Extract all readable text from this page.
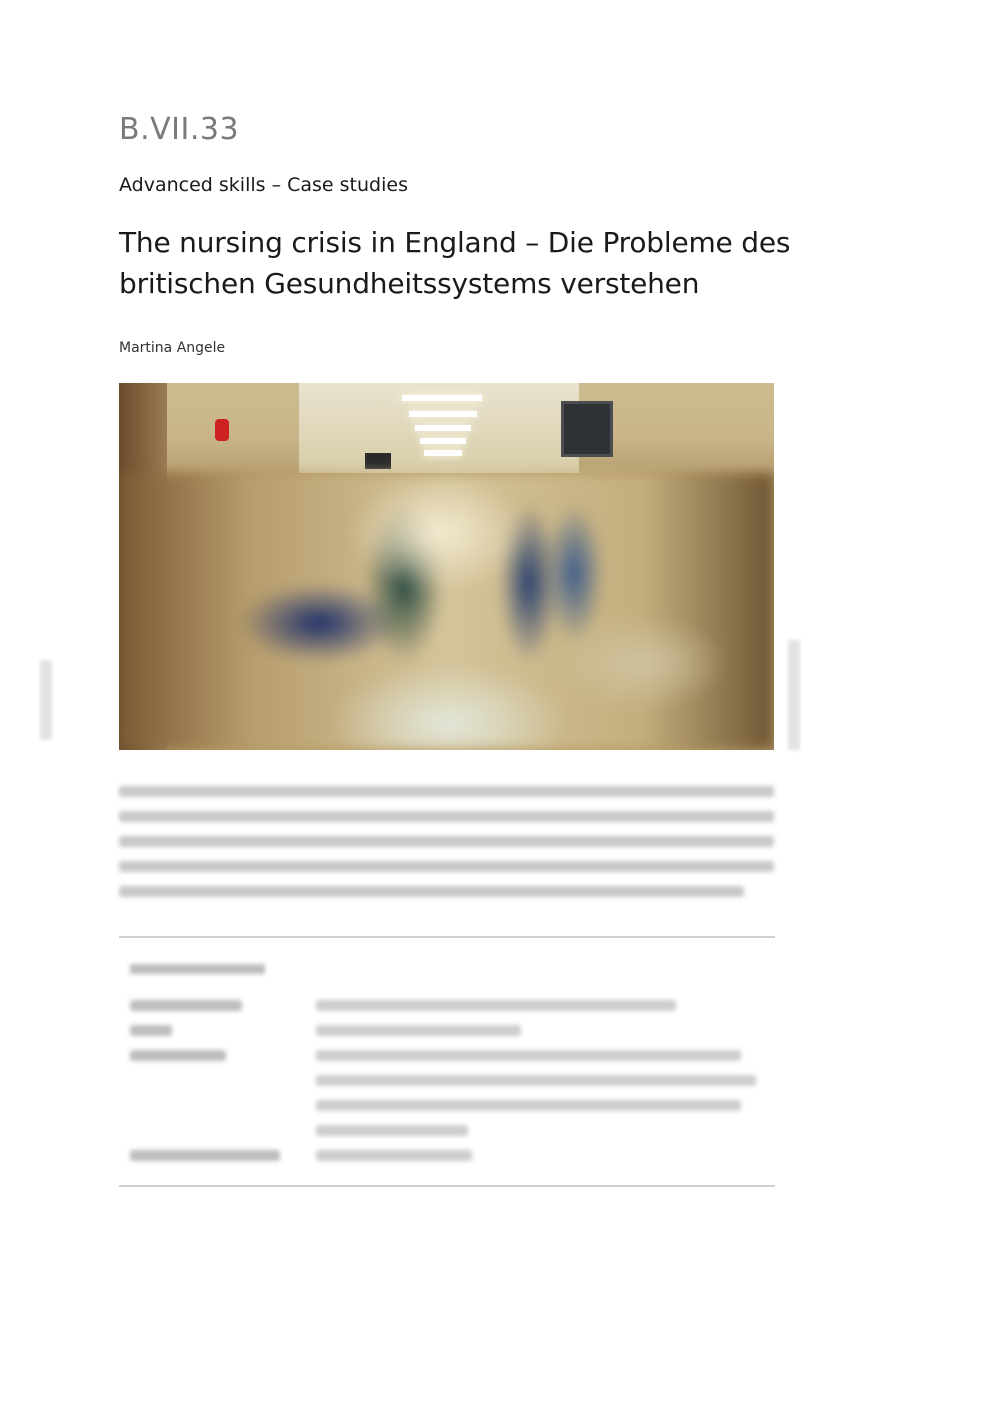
B.VII.33
Advanced skills – Case studies
The nursing crisis in England – Die Probleme des britischen Gesundheitssystems verstehen
Martina Angele
